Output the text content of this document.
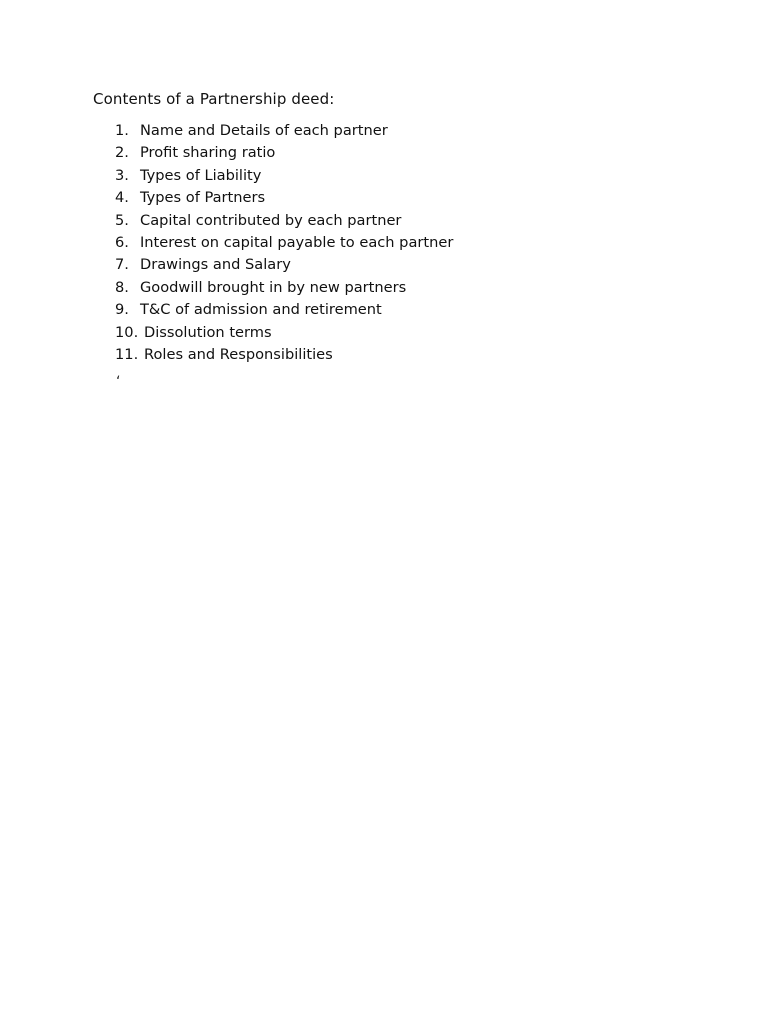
Contents of a Partnership deed:
1. Name and Details of each partner
2. Profit sharing ratio
3. Types of Liability
4. Types of Partners
5. Capital contributed by each partner
6. Interest on capital payable to each partner
7. Drawings and Salary
8. Goodwill brought in by new partners
9. T&C of admission and retirement
10. Dissolution terms
11. Roles and Responsibilities
‘
